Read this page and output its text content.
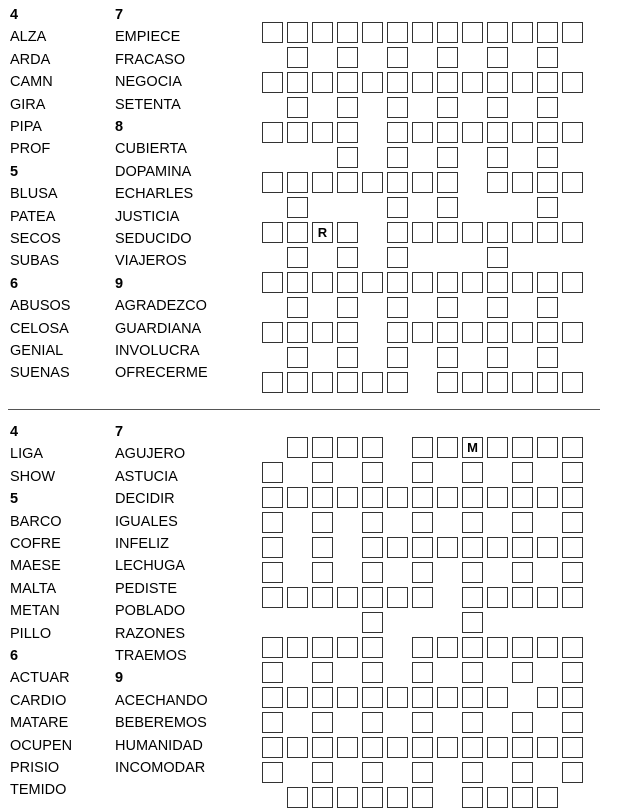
4
ALZA
ARDA
CAMN
GIRA
PIPA
PROF
5
BLUSA
PATEA
SECOS
SUBAS
6
ABUSOS
CELOSA
GENIAL
SUENAS
7
EMPIECE
FRACASO
NEGOCIA
SETENTA
8
CUBIERTA
DOPAMINA
ECHARLES
JUSTICIA
SEDUCIDO
VIAJEROS
9
AGRADEZCO
GUARDIANA
INVOLUCRA
OFRECERME
R
4
LIGA
SHOW
5
BARCO
COFRE
MAESE
MALTA
METAN
PILLO
6
ACTUAR
CARDIO
MATARE
OCUPEN
PRISIO
TEMIDO
7
AGUJERO
ASTUCIA
DECIDIR
IGUALES
INFELIZ
LECHUGA
PEDISTE
POBLADO
RAZONES
TRAEMOS
9
ACECHANDO
BEBEREMOS
HUMANIDAD
INCOMODAR
M
